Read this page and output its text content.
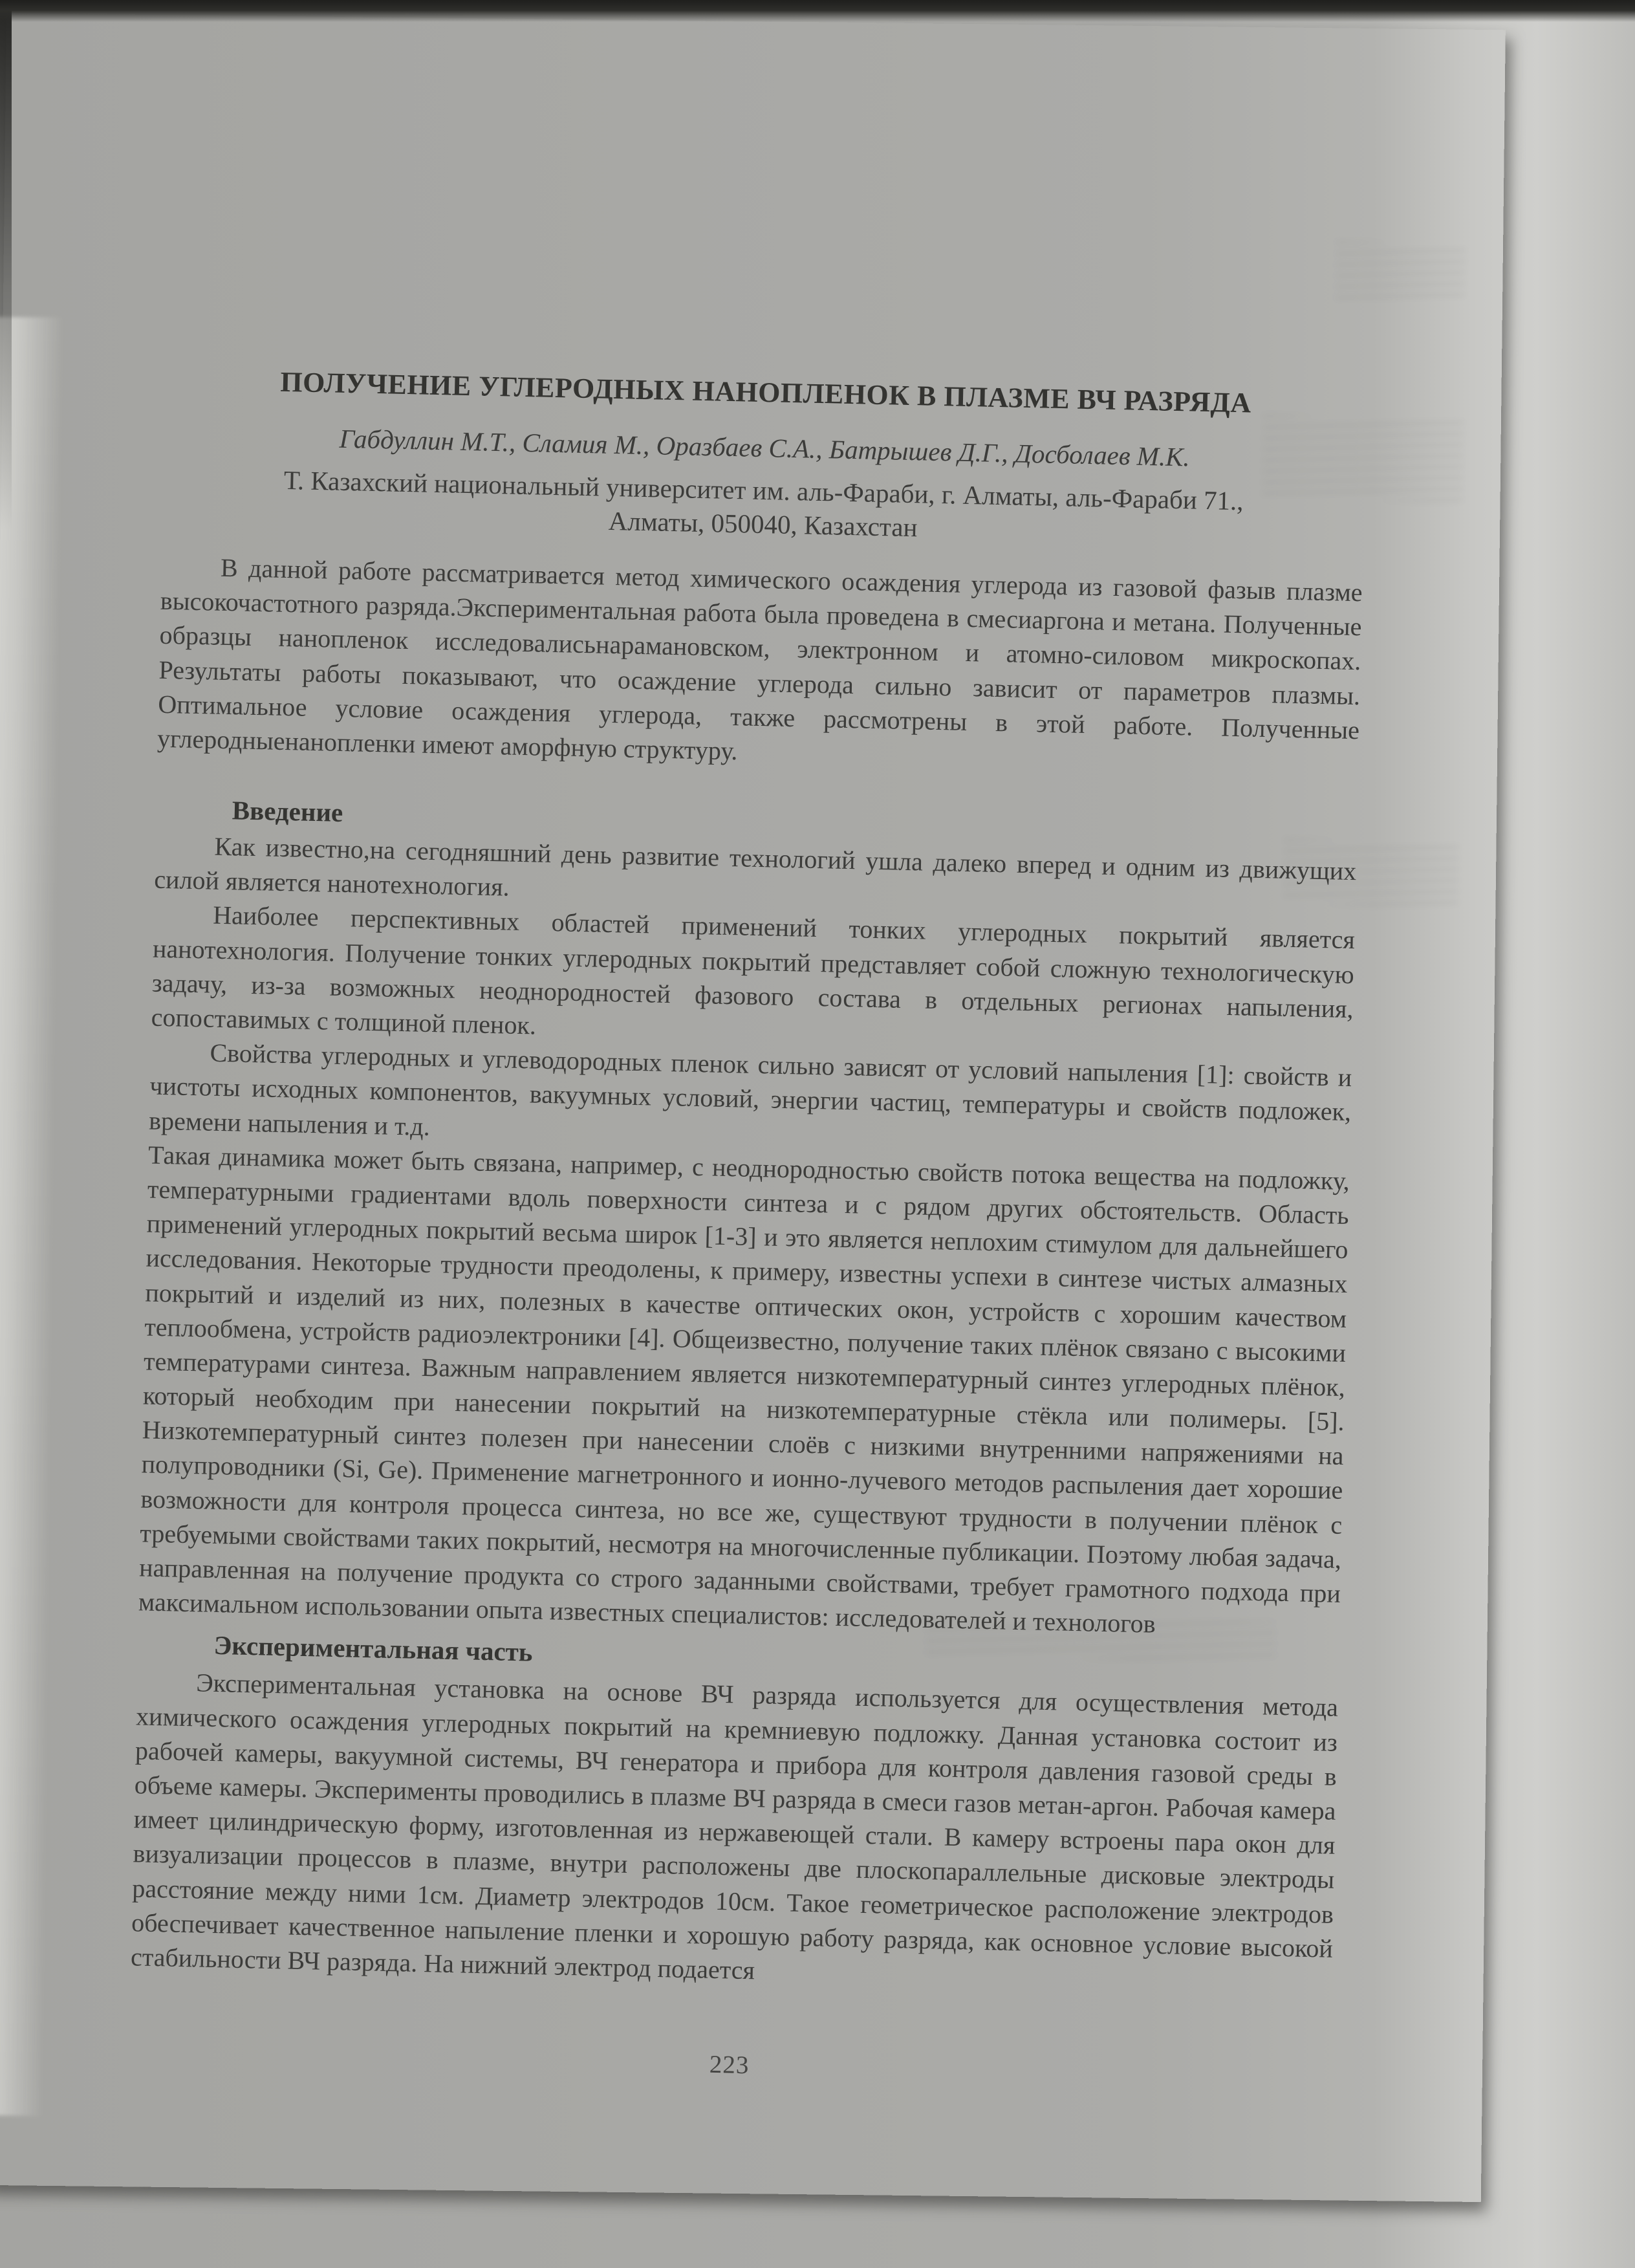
ПОЛУЧЕНИЕ УГЛЕРОДНЫХ НАНОПЛЕНОК В ПЛАЗМЕ ВЧ РАЗРЯДА
Габдуллин М.Т., Сламия М., Оразбаев С.А., Батрышев Д.Г., Досболаев М.К.
Т. Казахский национальный университет им. аль-Фараби, г. Алматы, аль-Фараби 71.,
Алматы, 050040, Казахстан

В данной работе рассматривается метод химического осаждения углерода из газовой фазыв плазме высокочастотного разряда.Экспериментальная работа была проведена в смесиаргона и метана. Полученные образцы нанопленок исследовалисьнарамановском, электронном и атомно-силовом микроскопах. Результаты работы показывают, что осаждение углерода сильно зависит от параметров плазмы. Оптимальное условие осаждения углерода, также рассмотрены в этой работе. Полученные углеродныенанопленки имеют аморфную структуру.

Введение

Как известно,на сегодняшний день развитие технологий ушла далеко вперед и одним из движущих силой является нанотехнология.

Наиболее перспективных областей применений тонких углеродных покрытий является нанотехнология. Получение тонких углеродных покрытий представляет собой сложную технологическую задачу, из-за возможных неоднородностей фазового состава в отдельных регионах напыления, сопоставимых с толщиной пленок.

Свойства углеродных и углеводородных пленок сильно зависят от условий напыления [1]: свойств и чистоты исходных компонентов, вакуумных условий, энергии частиц, температуры и свойств подложек, времени напыления и т.д.

Такая динамика может быть связана, например, с неоднородностью свойств потока вещества на подложку, температурными градиентами вдоль поверхности синтеза и с рядом других обстоятельств. Область применений углеродных покрытий весьма широк [1-3] и это является неплохим стимулом для дальнейшего исследования. Некоторые трудности преодолены, к примеру, известны успехи в синтезе чистых алмазных покрытий и изделий из них, полезных в качестве оптических окон, устройств с хорошим качеством теплообмена, устройств радиоэлектроники [4]. Общеизвестно, получение таких плёнок связано с высокими температурами синтеза. Важным направлением является низкотемпературный синтез углеродных плёнок, который необходим при нанесении покрытий на низкотемпературные стёкла или полимеры. [5]. Низкотемпературный синтез полезен при нанесении слоёв с низкими внутренними напряжениями на полупроводники (Si, Ge). Применение магнетронного и ионно-лучевого методов распыления дает хорошие возможности для контроля процесса синтеза, но все же, существуют трудности в получении плёнок с требуемыми свойствами таких покрытий, несмотря на многочисленные публикации. Поэтому любая задача, направленная на получение продукта со строго заданными свойствами, требует грамотного подхода при максимальном использовании опыта известных специалистов: исследователей и технологов

Экспериментальная часть

Экспериментальная установка на основе ВЧ разряда используется для осуществления метода химического осаждения углеродных покрытий на кремниевую подложку. Данная установка состоит из рабочей камеры, вакуумной системы, ВЧ генератора и прибора для контроля давления газовой среды в объеме камеры. Эксперименты проводились в плазме ВЧ разряда в смеси газов метан-аргон. Рабочая камера имеет цилиндрическую форму, изготовленная из нержавеющей стали. В камеру встроены пара окон для визуализации процессов в плазме, внутри расположены две плоскопараллельные дисковые электроды расстояние между ними 1см. Диаметр электродов 10см. Такое геометрическое расположение электродов обеспечивает качественное напыление пленки и хорошую работу разряда, как основное условие высокой стабильности ВЧ разряда. На нижний электрод подается

223
